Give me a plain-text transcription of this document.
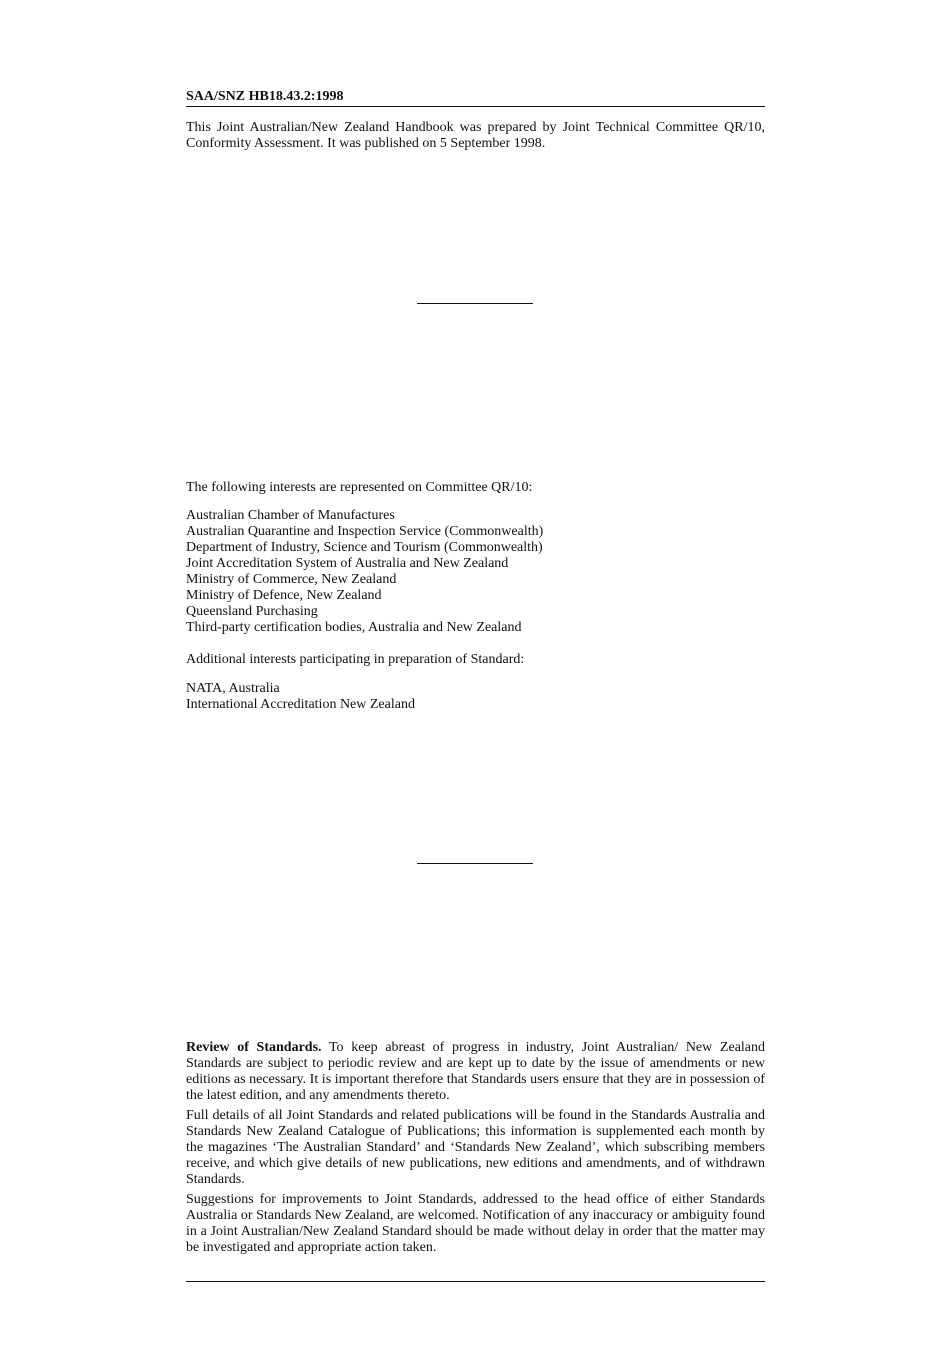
SAA/SNZ HB18.43.2:1998
This Joint Australian/New Zealand Handbook was prepared by Joint Technical Committee QR/10, Conformity Assessment. It was published on 5 September 1998.
The following interests are represented on Committee QR/10:
Australian Chamber of Manufactures
Australian Quarantine and Inspection Service (Commonwealth)
Department of Industry, Science and Tourism (Commonwealth)
Joint Accreditation System of Australia and New Zealand
Ministry of Commerce, New Zealand
Ministry of Defence, New Zealand
Queensland Purchasing
Third-party certification bodies, Australia and New Zealand
Additional interests participating in preparation of Standard:
NATA, Australia
International Accreditation New Zealand

Review of Standards. To keep abreast of progress in industry, Joint Australian/ New Zealand Standards are subject to periodic review and are kept up to date by the issue of amendments or new editions as necessary. It is important therefore that Standards users ensure that they are in possession of the latest edition, and any amendments thereto.

Full details of all Joint Standards and related publications will be found in the Standards Australia and Standards New Zealand Catalogue of Publications; this information is supplemented each month by the magazines ‘The Australian Standard’ and ‘Standards New Zealand’, which subscribing members receive, and which give details of new publications, new editions and amendments, and of withdrawn Standards.

Suggestions for improvements to Joint Standards, addressed to the head office of either Standards Australia or Standards New Zealand, are welcomed. Notification of any inaccuracy or ambiguity found in a Joint Australian/New Zealand Standard should be made without delay in order that the matter may be investigated and appropriate action taken.
